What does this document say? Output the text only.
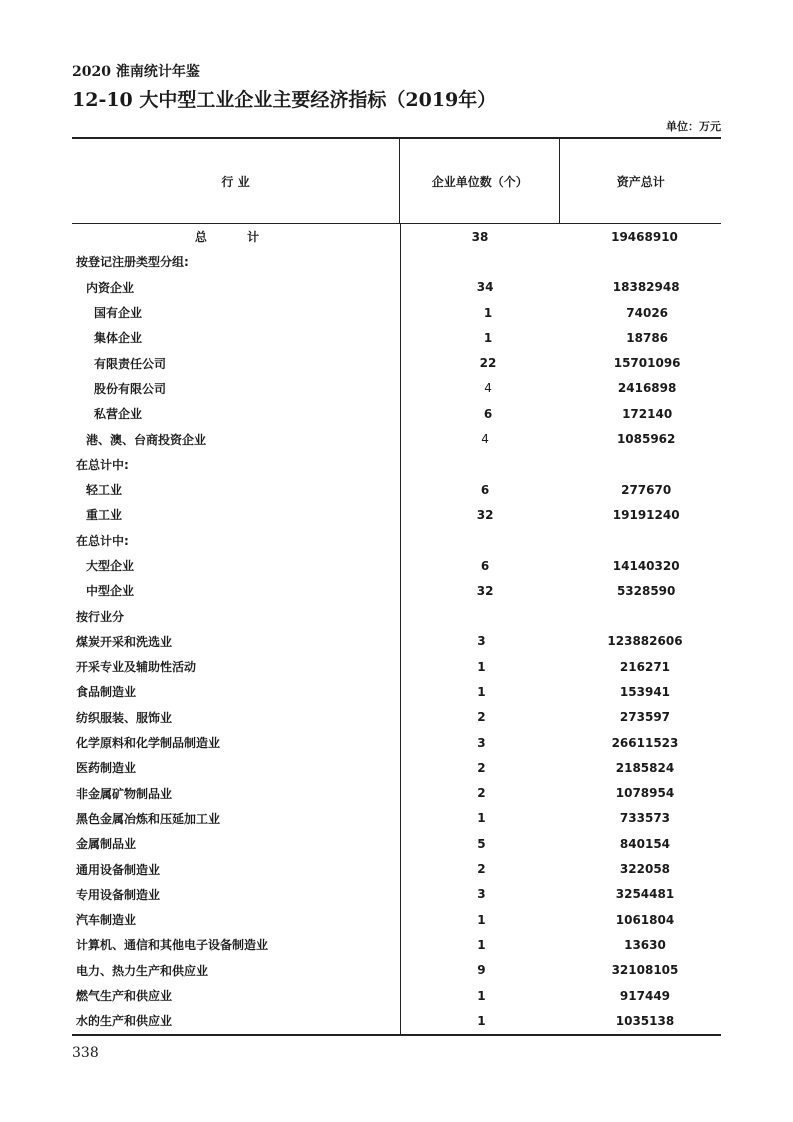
2020 淮南统计年鉴
12-10 大中型工业企业主要经济指标（2019年）
单位：万元
行 业	企业单位数（个）	资产总计
总 计	38	19468910
按登记注册类型分组:
内资企业	34	18382948
国有企业	1	74026
集体企业	1	18786
有限责任公司	22	15701096
股份有限公司	4	2416898
私营企业	6	172140
港、澳、台商投资企业	4	1085962
在总计中:
轻工业	6	277670
重工业	32	19191240
在总计中:
大型企业	6	14140320
中型企业	32	5328590
按行业分
煤炭开采和洗选业	3	123882606
开采专业及辅助性活动	1	216271
食品制造业	1	153941
纺织服装、服饰业	2	273597
化学原料和化学制品制造业	3	26611523
医药制造业	2	2185824
非金属矿物制品业	2	1078954
黑色金属冶炼和压延加工业	1	733573
金属制品业	5	840154
通用设备制造业	2	322058
专用设备制造业	3	3254481
汽车制造业	1	1061804
计算机、通信和其他电子设备制造业	1	13630
电力、热力生产和供应业	9	32108105
燃气生产和供应业	1	917449
水的生产和供应业	1	1035138
338
